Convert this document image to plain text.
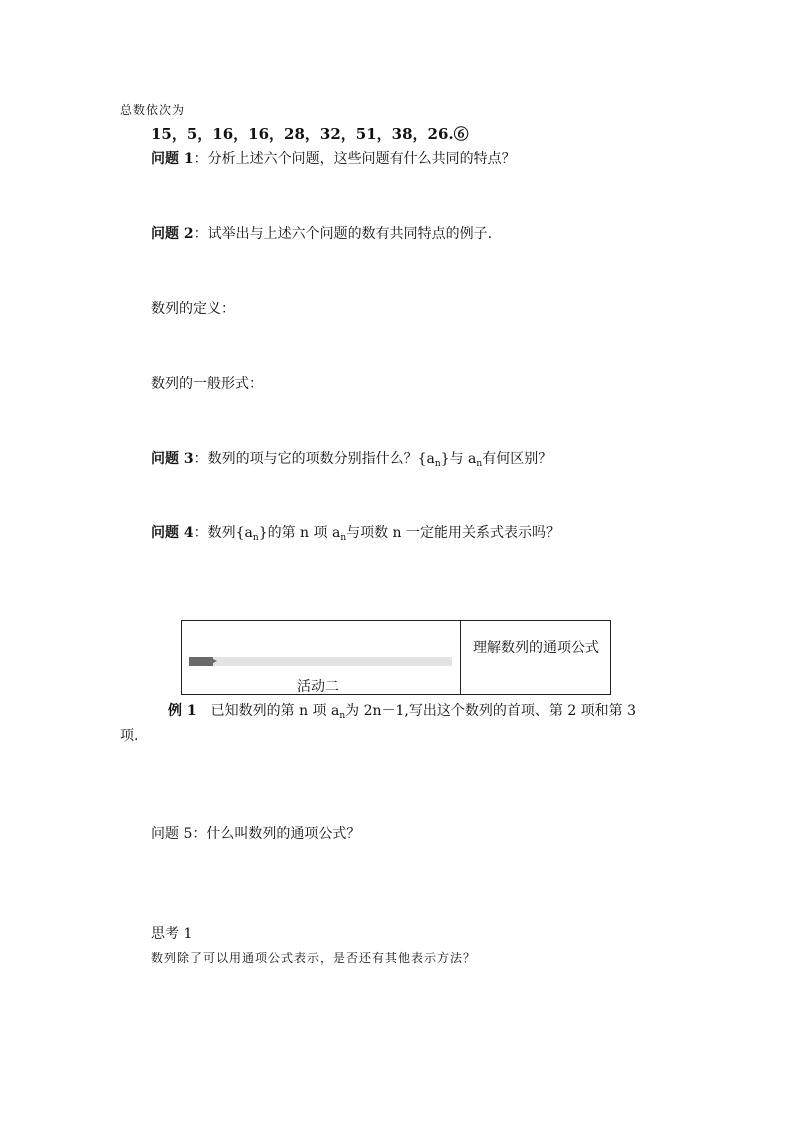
总数依次为
15，5，16，16，28，32，51，38，26.⑥
问题 1：分析上述六个问题，这些问题有什么共同的特点？
问题 2：试举出与上述六个问题的数有共同特点的例子.
数列的定义：
数列的一般形式：
问题 3：数列的项与它的项数分别指什么？$\{a_n\}$与 $a_n$有何区别？
问题 4：数列$\{a_n\}$的第 n 项 $a_n$与项数 n 一定能用关系式表示吗？
活动二
理解数列的通项公式
例 1　已知数列的第 n 项 $a_n$为 2n－1,写出这个数列的首项、第 2 项和第 3
项.
问题 5：什么叫数列的通项公式？
思考 1
数列除了可以用通项公式表示，是否还有其他表示方法？
